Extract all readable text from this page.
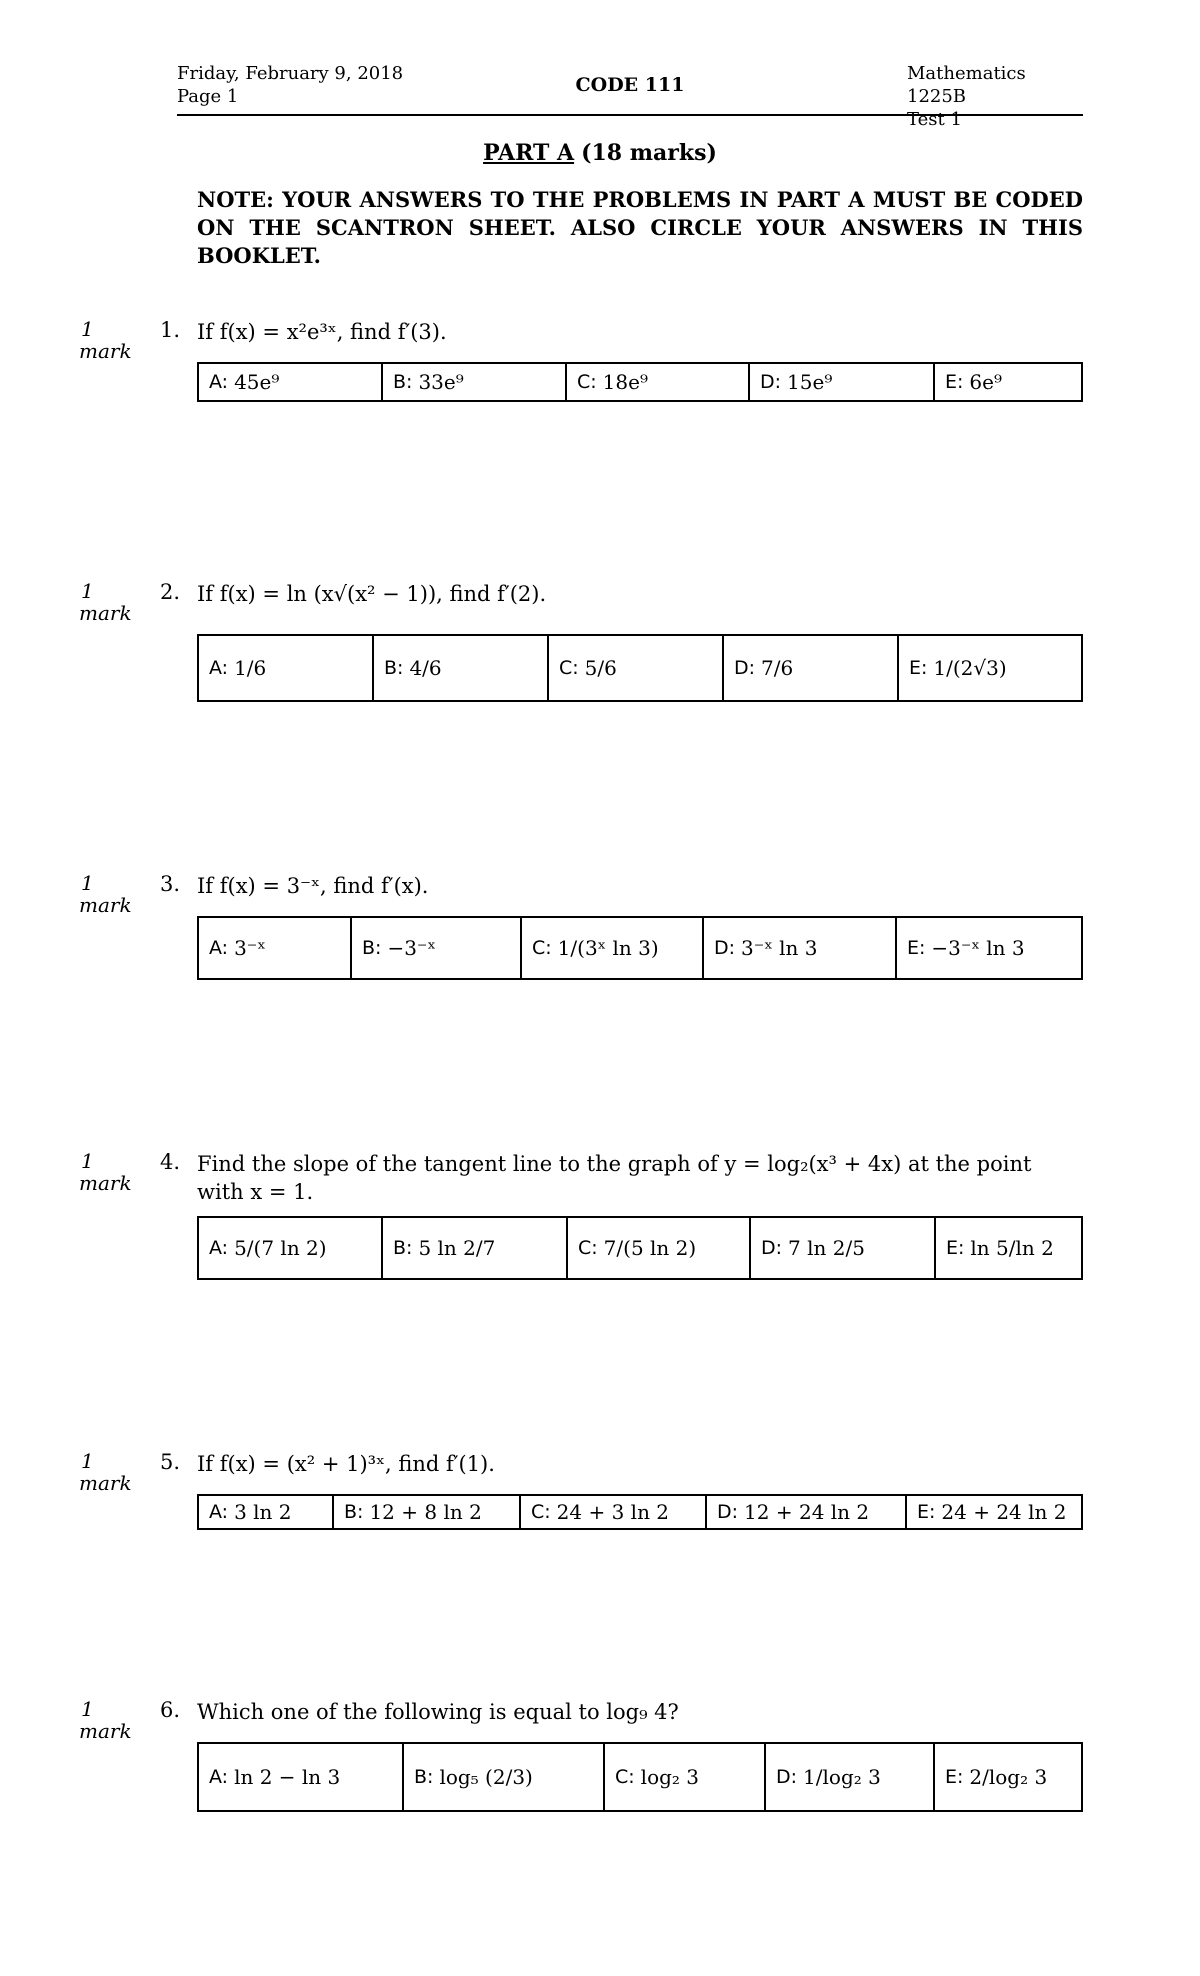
Friday, February 9, 2018
Page 1
CODE 111
Mathematics 1225B
Test 1
PART A (18 marks)
NOTE: YOUR ANSWERS TO THE PROBLEMS IN PART A MUST BE CODED ON THE SCANTRON SHEET. ALSO CIRCLE YOUR ANSWERS IN THIS BOOKLET.
1
mark
1. If f(x) = x²e³ˣ, find f′(3).
A: 45e⁹	B: 33e⁹	C: 18e⁹	D: 15e⁹	E: 6e⁹
1
mark
2. If f(x) = ln (x√(x² − 1)), find f′(2).
A: 1/6	B: 4/6	C: 5/6	D: 7/6	E: 1/(2√3)
1
mark
3. If f(x) = 3⁻ˣ, find f′(x).
A: 3⁻ˣ	B: −3⁻ˣ	C: 1/(3ˣ ln 3)	D: 3⁻ˣ ln 3	E: −3⁻ˣ ln 3
1
mark
4. Find the slope of the tangent line to the graph of y = log₂(x³ + 4x) at the point with x = 1.
A: 5/(7 ln 2)	B: 5 ln 2/7	C: 7/(5 ln 2)	D: 7 ln 2/5	E: ln 5/ln 2
1
mark
5. If f(x) = (x² + 1)³ˣ, find f′(1).
A: 3 ln 2	B: 12 + 8 ln 2	C: 24 + 3 ln 2	D: 12 + 24 ln 2	E: 24 + 24 ln 2
1
mark
6. Which one of the following is equal to log₉ 4?
A: ln 2 − ln 3	B: log₅ (2/3)	C: log₂ 3	D: 1/log₂ 3	E: 2/log₂ 3
